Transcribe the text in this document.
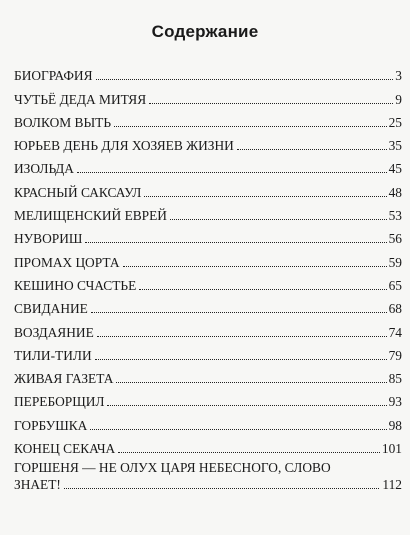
Содержание
БИОГРАФИЯ	3
ЧУТЬЁ ДЕДА МИТЯЯ	9
ВОЛКОМ ВЫТЬ	25
ЮРЬЕВ ДЕНЬ ДЛЯ ХОЗЯЕВ ЖИЗНИ	35
ИЗОЛЬДА	45
КРАСНЫЙ САКСАУЛ	48
МЕЛИЩЕНСКИЙ ЕВРЕЙ	53
НУВОРИШ	56
ПРОМАХ ЦОРТА	59
КЕШИНО СЧАСТЬЕ	65
СВИДАНИЕ	68
ВОЗДАЯНИЕ	74
ТИЛИ-ТИЛИ	79
ЖИВАЯ ГАЗЕТА	85
ПЕРЕБОРЩИЛ	93
ГОРБУШКА	98
КОНЕЦ СЕКАЧА	101
ГОРШЕНЯ — НЕ ОЛУХ ЦАРЯ НЕБЕСНОГО, СЛОВО
ЗНАЕТ!	112
